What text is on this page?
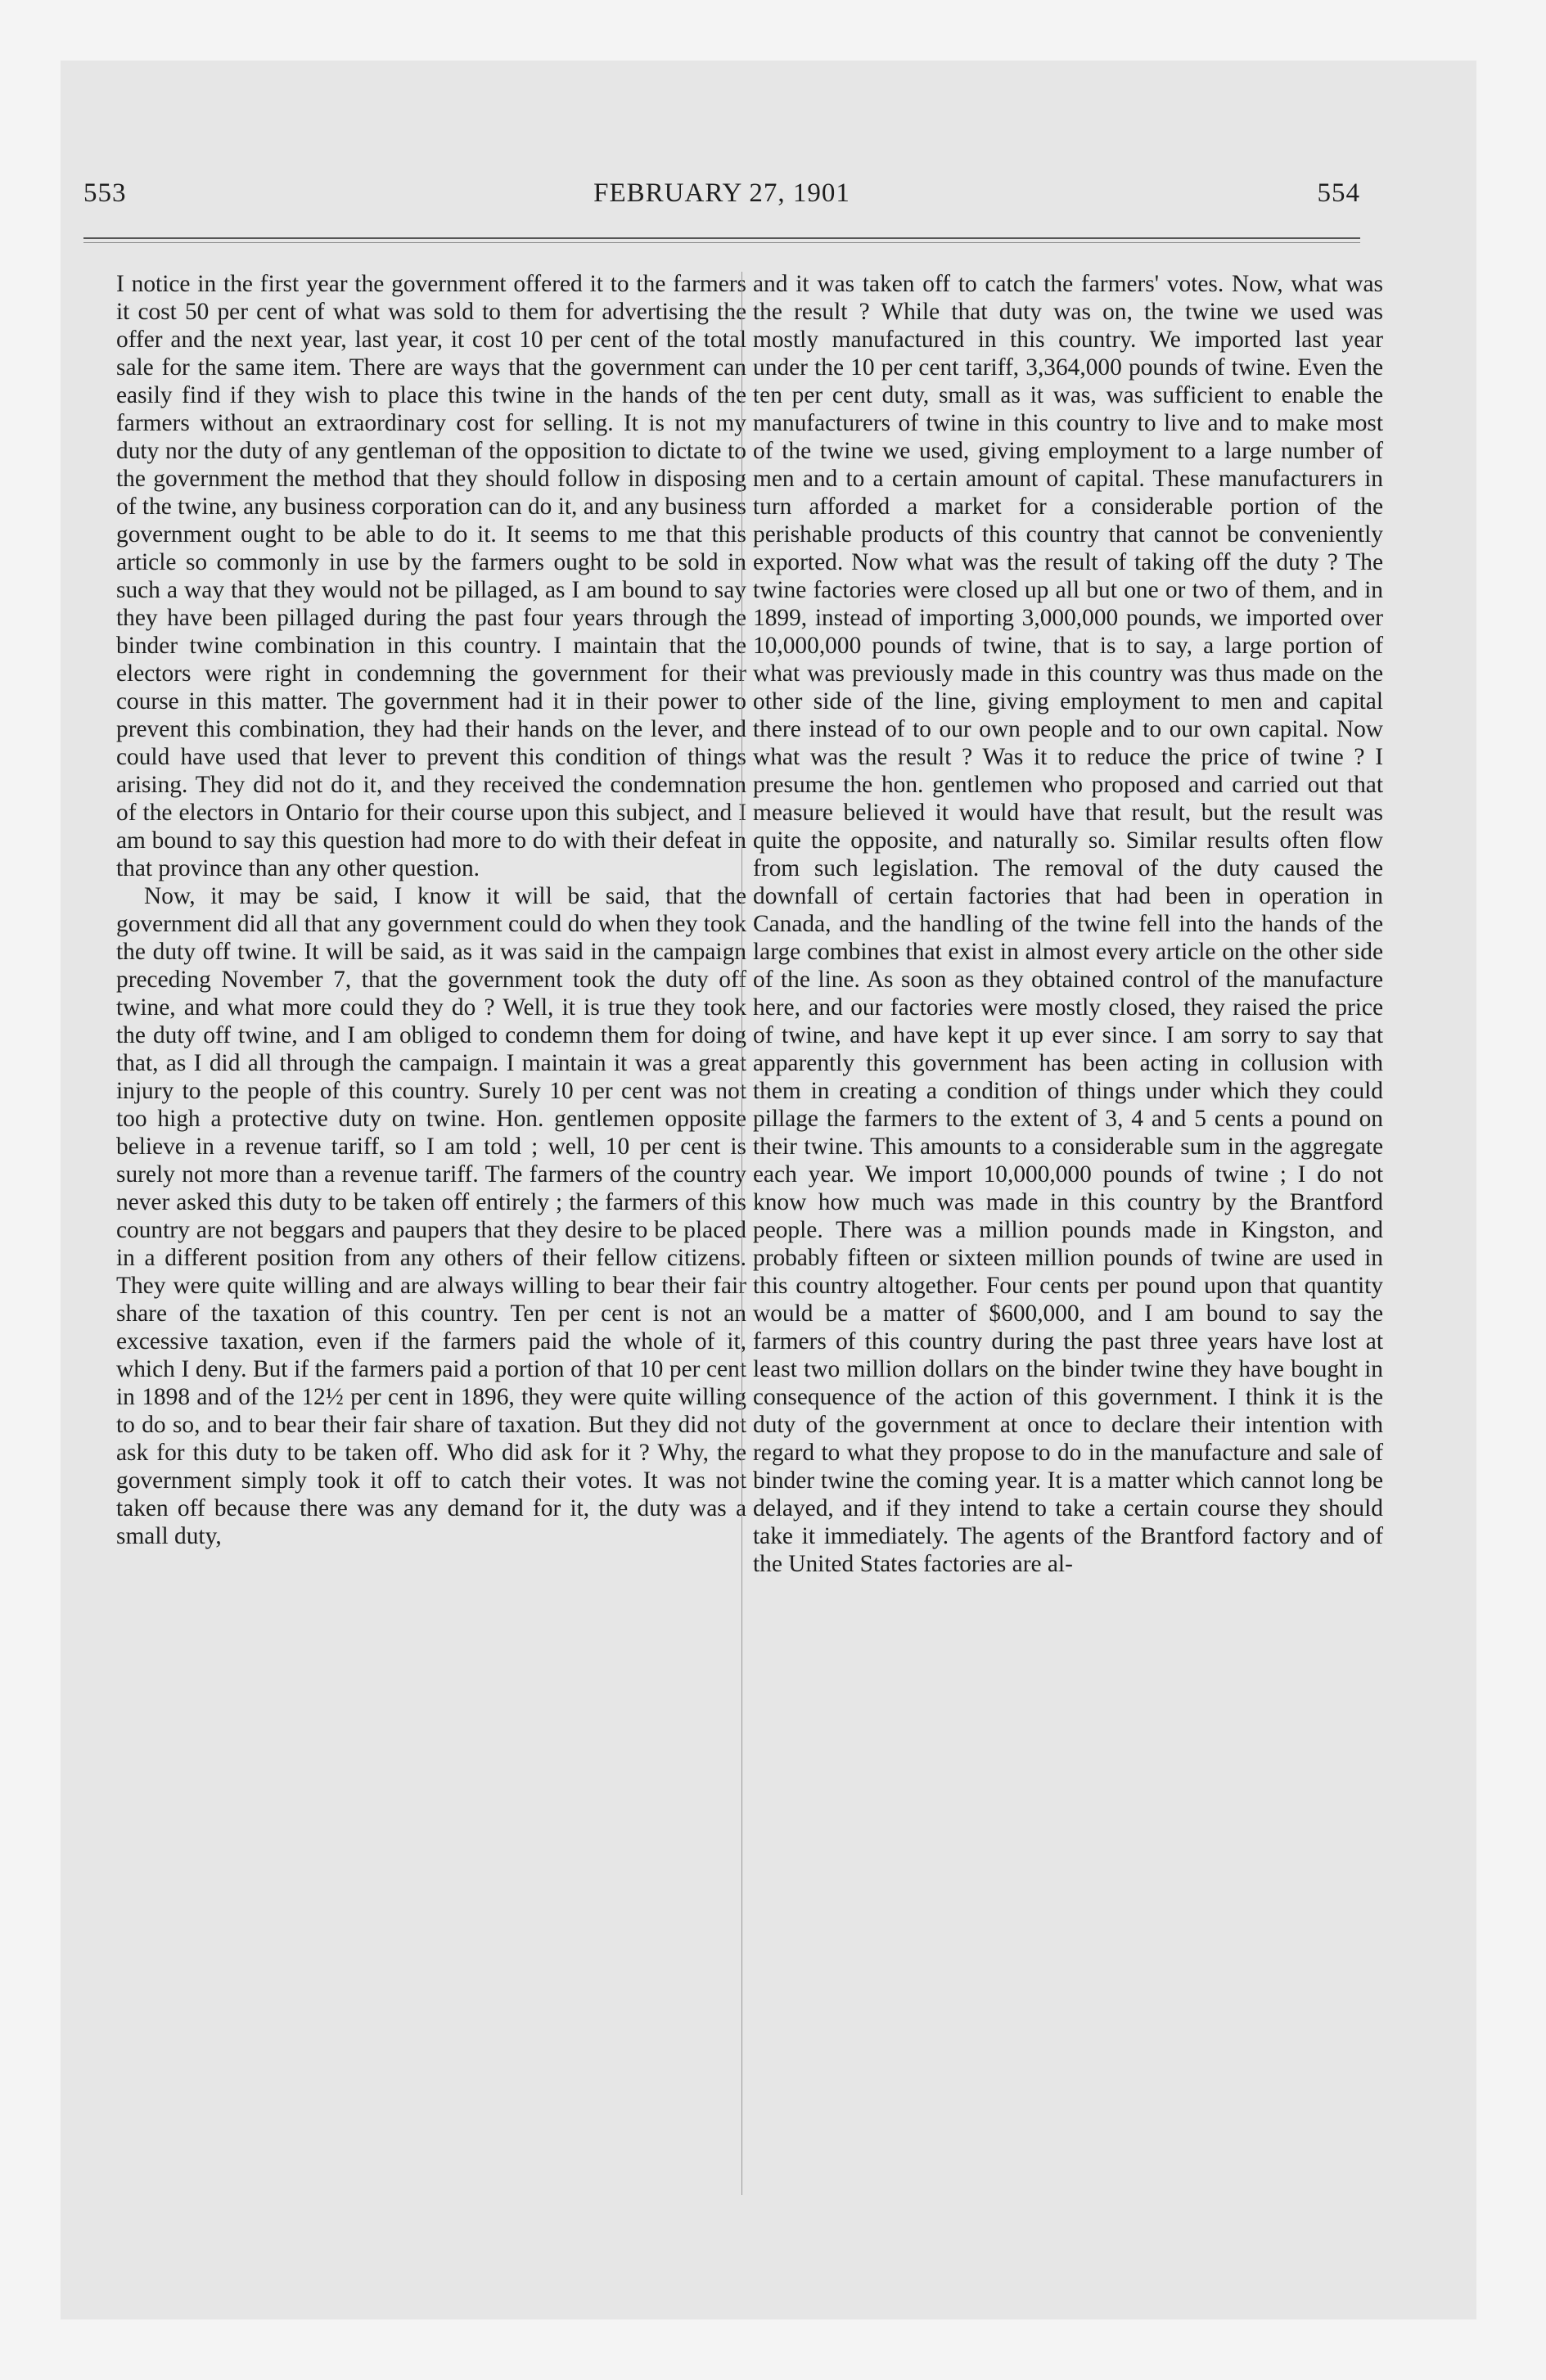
553	FEBRUARY 27, 1901	554

I notice in the first year the government offered it to the farmers it cost 50 per cent of what was sold to them for advertising the offer and the next year, last year, it cost 10 per cent of the total sale for the same item. There are ways that the government can easily find if they wish to place this twine in the hands of the farmers without an extraordinary cost for selling. It is not my duty nor the duty of any gentleman of the opposition to dictate to the government the method that they should follow in disposing of the twine, any business corporation can do it, and any business government ought to be able to do it. It seems to me that this article so commonly in use by the farmers ought to be sold in such a way that they would not be pillaged, as I am bound to say they have been pillaged during the past four years through the binder twine combination in this country. I maintain that the electors were right in condemning the government for their course in this matter. The government had it in their power to prevent this combination, they had their hands on the lever, and could have used that lever to prevent this condition of things arising. They did not do it, and they received the condemnation of the electors in Ontario for their course upon this subject, and I am bound to say this question had more to do with their defeat in that province than any other question.

Now, it may be said, I know it will be said, that the government did all that any government could do when they took the duty off twine. It will be said, as it was said in the campaign preceding November 7, that the government took the duty off twine, and what more could they do ? Well, it is true they took the duty off twine, and I am obliged to condemn them for doing that, as I did all through the campaign. I maintain it was a great injury to the people of this country. Surely 10 per cent was not too high a protective duty on twine. Hon. gentlemen opposite believe in a revenue tariff, so I am told ; well, 10 per cent is surely not more than a revenue tariff. The farmers of the country never asked this duty to be taken off entirely ; the farmers of this country are not beggars and paupers that they desire to be placed in a different position from any others of their fellow citizens. They were quite willing and are always willing to bear their fair share of the taxation of this country. Ten per cent is not an excessive taxation, even if the farmers paid the whole of it, which I deny. But if the farmers paid a portion of that 10 per cent in 1898 and of the 12½ per cent in 1896, they were quite willing to do so, and to bear their fair share of taxation. But they did not ask for this duty to be taken off. Who did ask for it ? Why, the government simply took it off to catch their votes. It was not taken off because there was any demand for it, the duty was a small duty,

and it was taken off to catch the farmers' votes. Now, what was the result ? While that duty was on, the twine we used was mostly manufactured in this country. We imported last year under the 10 per cent tariff, 3,364,000 pounds of twine. Even the ten per cent duty, small as it was, was sufficient to enable the manufacturers of twine in this country to live and to make most of the twine we used, giving employment to a large number of men and to a certain amount of capital. These manufacturers in turn afforded a market for a considerable portion of the perishable products of this country that cannot be conveniently exported. Now what was the result of taking off the duty ? The twine factories were closed up all but one or two of them, and in 1899, instead of importing 3,000,000 pounds, we imported over 10,000,000 pounds of twine, that is to say, a large portion of what was previously made in this country was thus made on the other side of the line, giving employment to men and capital there instead of to our own people and to our own capital. Now what was the result ? Was it to reduce the price of twine ? I presume the hon. gentlemen who proposed and carried out that measure believed it would have that result, but the result was quite the opposite, and naturally so. Similar results often flow from such legislation. The removal of the duty caused the downfall of certain factories that had been in operation in Canada, and the handling of the twine fell into the hands of the large combines that exist in almost every article on the other side of the line. As soon as they obtained control of the manufacture here, and our factories were mostly closed, they raised the price of twine, and have kept it up ever since. I am sorry to say that apparently this government has been acting in collusion with them in creating a condition of things under which they could pillage the farmers to the extent of 3, 4 and 5 cents a pound on their twine. This amounts to a considerable sum in the aggregate each year. We import 10,000,000 pounds of twine ; I do not know how much was made in this country by the Brantford people. There was a million pounds made in Kingston, and probably fifteen or sixteen million pounds of twine are used in this country altogether. Four cents per pound upon that quantity would be a matter of $600,000, and I am bound to say the farmers of this country during the past three years have lost at least two million dollars on the binder twine they have bought in consequence of the action of this government. I think it is the duty of the government at once to declare their intention with regard to what they propose to do in the manufacture and sale of binder twine the coming year. It is a matter which cannot long be delayed, and if they intend to take a certain course they should take it immediately. The agents of the Brantford factory and of the United States factories are al-
